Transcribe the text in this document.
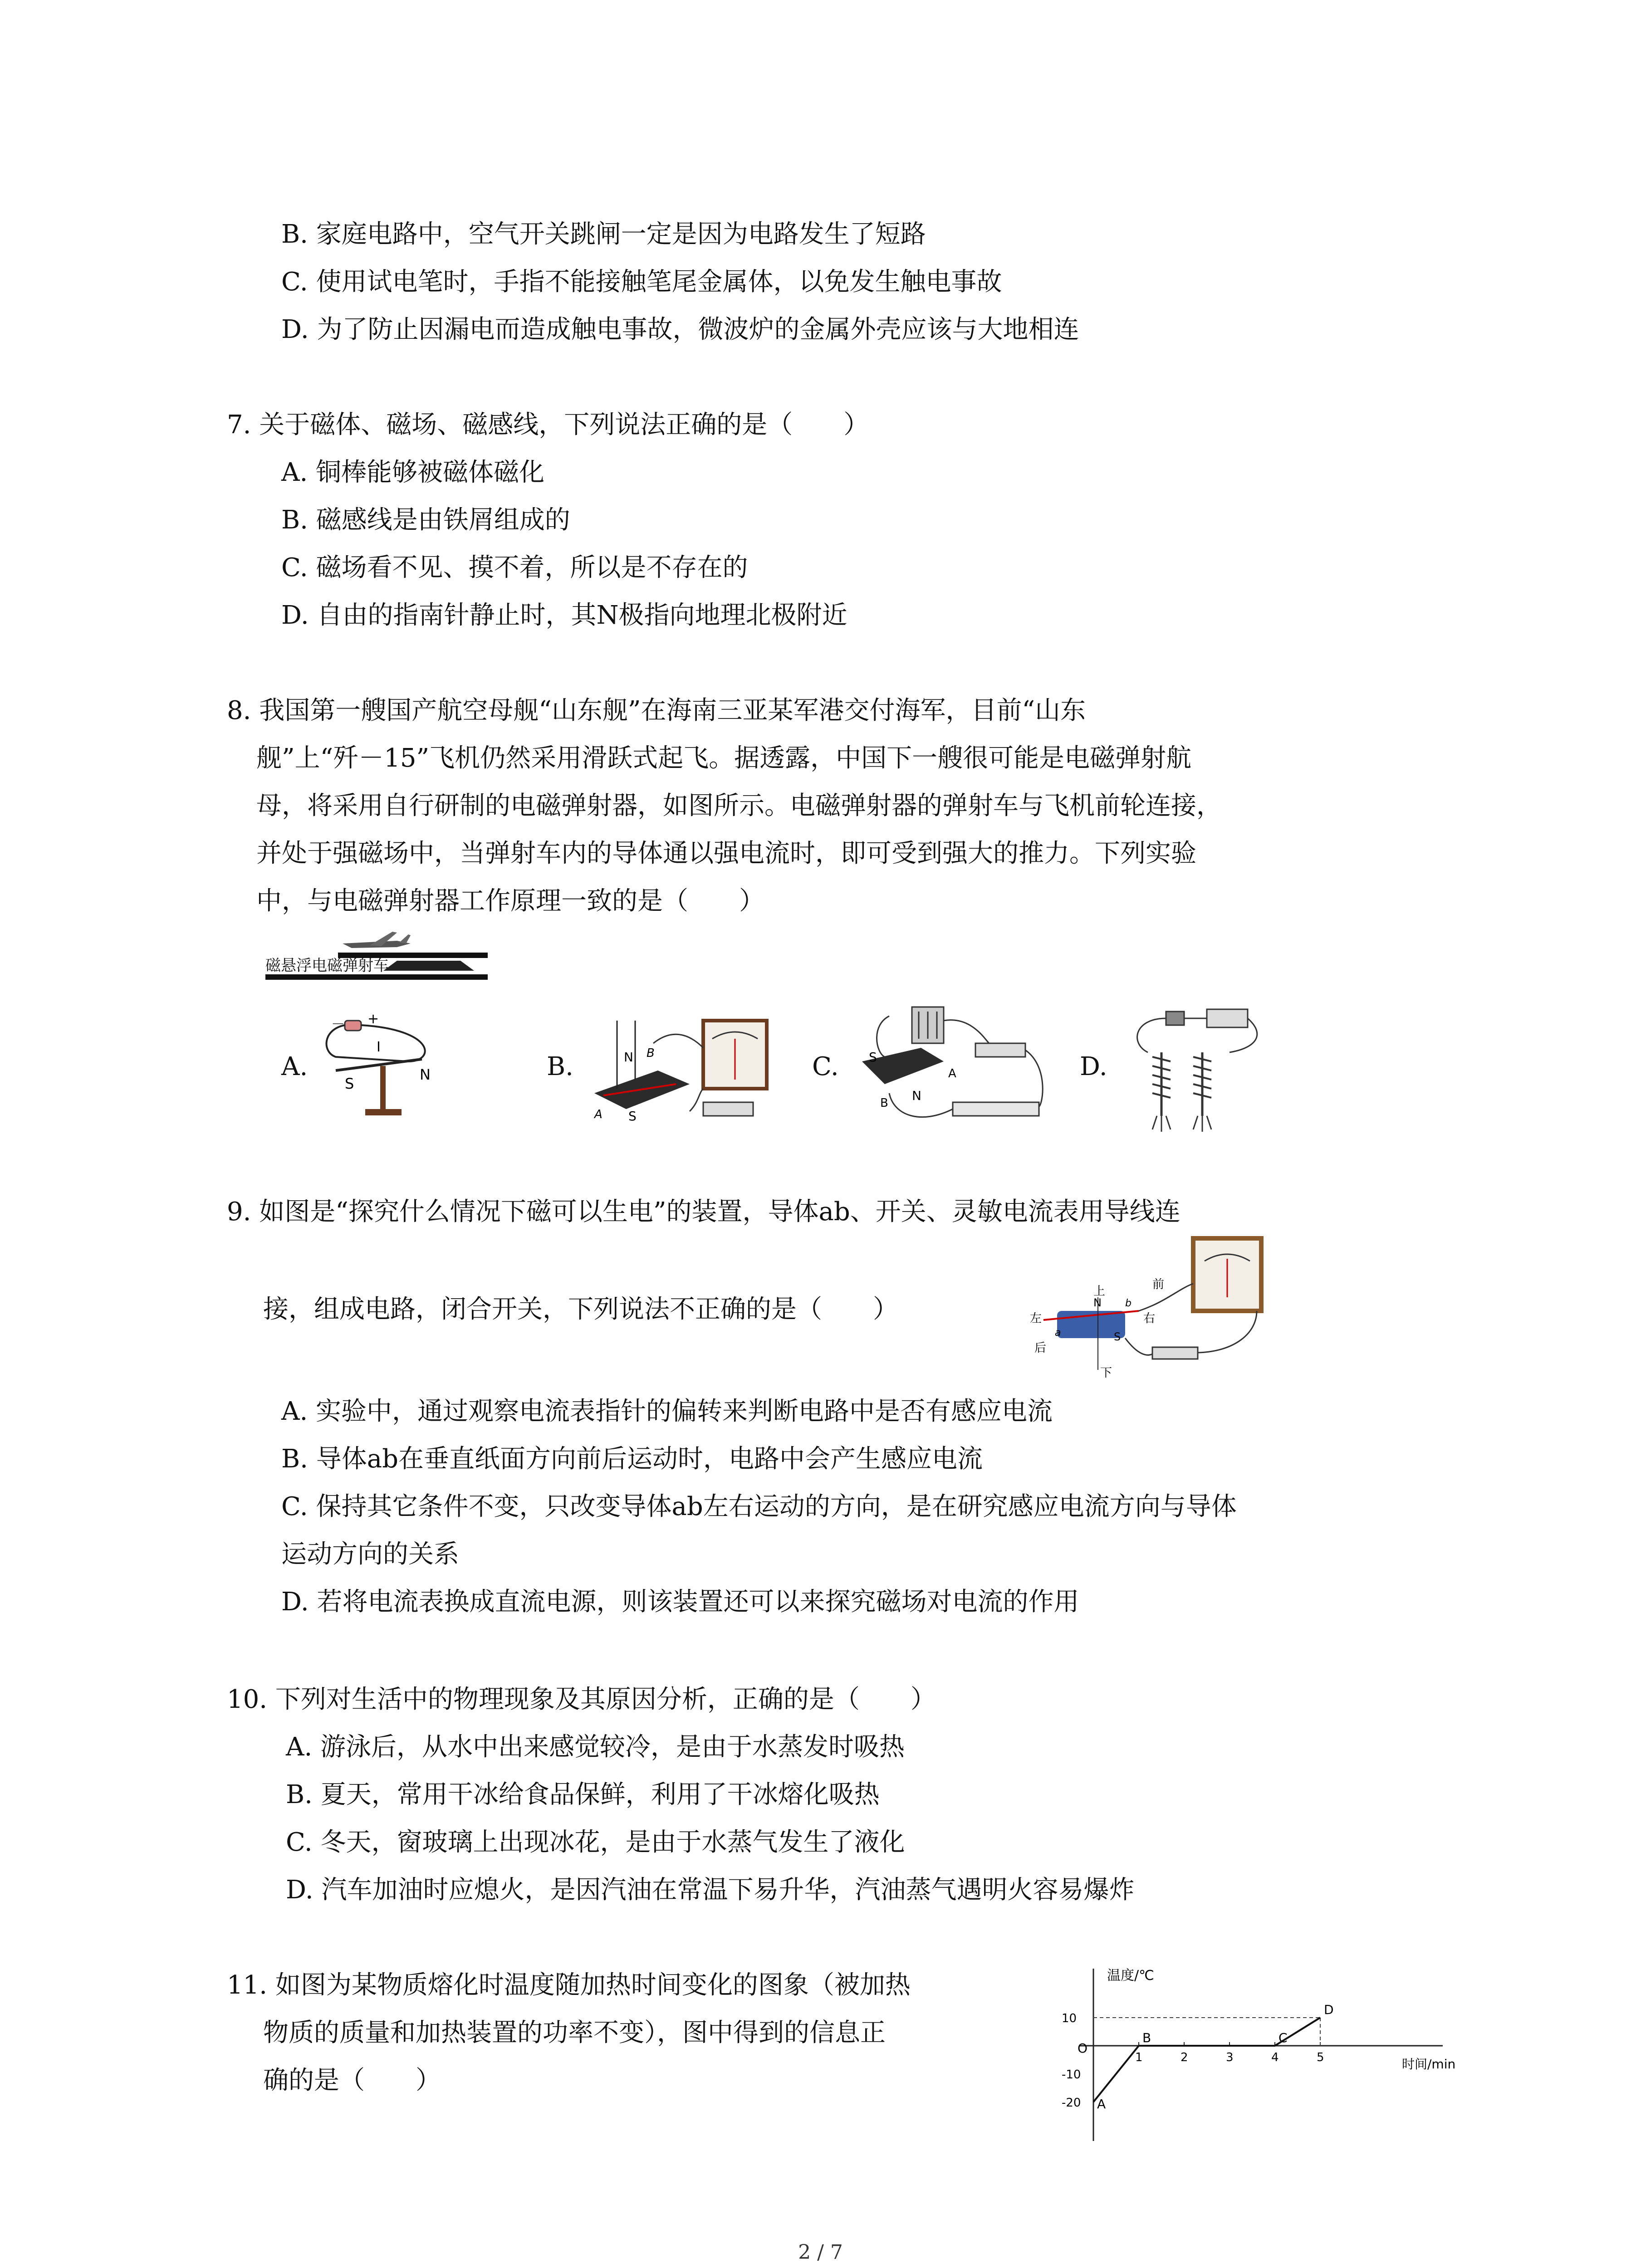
B. 家庭电路中，空气开关跳闸一定是因为电路发生了短路
C. 使用试电笔时，手指不能接触笔尾金属体，以免发生触电事故
D. 为了防止因漏电而造成触电事故，微波炉的金属外壳应该与大地相连
7. 关于磁体、磁场、磁感线，下列说法正确的是（　　）
A. 铜棒能够被磁体磁化
B. 磁感线是由铁屑组成的
C. 磁场看不见、摸不着，所以是不存在的
D. 自由的指南针静止时，其N极指向地理北极附近
8. 我国第一艘国产航空母舰“山东舰”在海南三亚某军港交付海军，目前“山东
舰”上“歼－15”飞机仍然采用滑跃式起飞。据透露，中国下一艘很可能是电磁弹射航
母，将采用自行研制的电磁弹射器，如图所示。电磁弹射器的弹射车与飞机前轮连接，
并处于强磁场中，当弹射车内的导体通以强电流时，即可受到强大的推力。下列实验
中，与电磁弹射器工作原理一致的是（　　）
磁悬浮电磁弹射车
A.
－ +
I
S
N	B.	N B
A S
C. S
A
B N
D.
9. 如图是“探究什么情况下磁可以生电”的装置，导体ab、开关、灵敏电流表用导线连
接，组成电路，闭合开关，下列说法不正确的是（　　）
上
下
左	右
前
后
N
S
a
b
A. 实验中，通过观察电流表指针的偏转来判断电路中是否有感应电流
B. 导体ab在垂直纸面方向前后运动时，电路中会产生感应电流
C. 保持其它条件不变，只改变导体ab左右运动的方向，是在研究感应电流方向与导体
运动方向的关系
D. 若将电流表换成直流电源，则该装置还可以来探究磁场对电流的作用
10. 下列对生活中的物理现象及其原因分析，正确的是（　　）
A. 游泳后，从水中出来感觉较冷，是由于水蒸发时吸热
B. 夏天，常用干冰给食品保鲜，利用了干冰熔化吸热
C. 冬天，窗玻璃上出现冰花，是由于水蒸气发生了液化
D. 汽车加油时应熄火，是因汽油在常温下易升华，汽油蒸气遇明火容易爆炸
11. 如图为某物质熔化时温度随加热时间变化的图象（被加热
物质的质量和加热装置的功率不变），图中得到的信息正
确的是（　　）
温度/℃
时间/min
O
1	2	3	4	5
10
-10
-20 A
B	C
D
2 / 7
